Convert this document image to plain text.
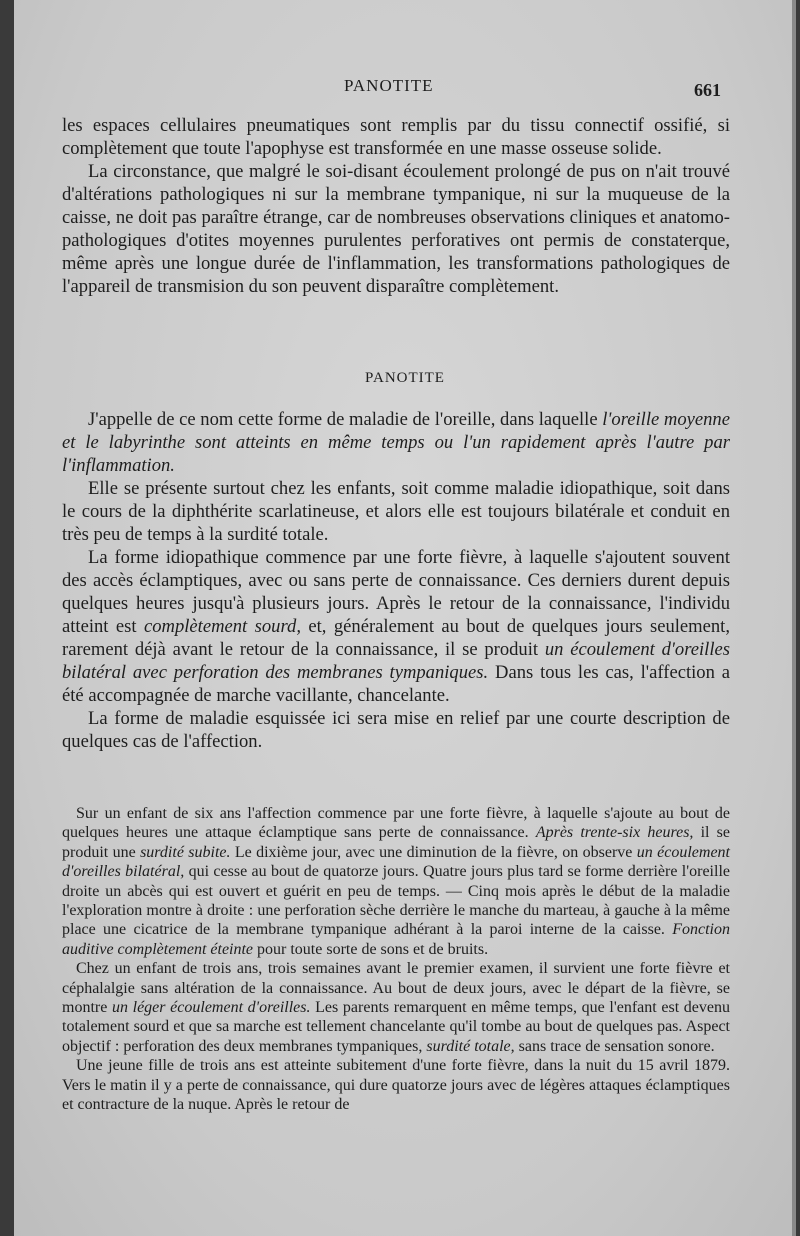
PANOTITE	661

les espaces cellulaires pneumatiques sont remplis par du tissu connectif ossifié, si complètement que toute l'apophyse est transformée en une masse osseuse solide.

La circonstance, que malgré le soi-disant écoulement prolongé de pus on n'ait trouvé d'altérations pathologiques ni sur la membrane tympanique, ni sur la muqueuse de la caisse, ne doit pas paraître étrange, car de nombreuses observations cliniques et anatomo-pathologiques d'otites moyennes purulentes perforatives ont permis de constaterque, même après une longue durée de l'inflammation, les transformations pathologiques de l'appareil de transmision du son peuvent disparaître complètement.

PANOTITE

J'appelle de ce nom cette forme de maladie de l'oreille, dans laquelle l'oreille moyenne et le labyrinthe sont atteints en même temps ou l'un rapidement après l'autre par l'inflammation.

Elle se présente surtout chez les enfants, soit comme maladie idiopathique, soit dans le cours de la diphthérite scarlatineuse, et alors elle est toujours bilatérale et conduit en très peu de temps à la surdité totale.

La forme idiopathique commence par une forte fièvre, à laquelle s'ajoutent souvent des accès éclamptiques, avec ou sans perte de connaissance. Ces derniers durent depuis quelques heures jusqu'à plusieurs jours. Après le retour de la connaissance, l'individu atteint est complètement sourd, et, généralement au bout de quelques jours seulement, rarement déjà avant le retour de la connaissance, il se produit un écoulement d'oreilles bilatéral avec perforation des membranes tympaniques. Dans tous les cas, l'affection a été accompagnée de marche vacillante, chancelante.

La forme de maladie esquissée ici sera mise en relief par une courte description de quelques cas de l'affection.

Sur un enfant de six ans l'affection commence par une forte fièvre, à laquelle s'ajoute au bout de quelques heures une attaque éclamptique sans perte de connaissance. Après trente-six heures, il se produit une surdité subite. Le dixième jour, avec une diminution de la fièvre, on observe un écoulement d'oreilles bilatéral, qui cesse au bout de quatorze jours. Quatre jours plus tard se forme derrière l'oreille droite un abcès qui est ouvert et guérit en peu de temps. — Cinq mois après le début de la maladie l'exploration montre à droite : une perforation sèche derrière le manche du marteau, à gauche à la même place une cicatrice de la membrane tympanique adhérant à la paroi interne de la caisse. Fonction auditive complètement éteinte pour toute sorte de sons et de bruits.

Chez un enfant de trois ans, trois semaines avant le premier examen, il survient une forte fièvre et céphalalgie sans altération de la connaissance. Au bout de deux jours, avec le départ de la fièvre, se montre un léger écoulement d'oreilles. Les parents remarquent en même temps, que l'enfant est devenu totalement sourd et que sa marche est tellement chancelante qu'il tombe au bout de quelques pas. Aspect objectif : perforation des deux membranes tympaniques, surdité totale, sans trace de sensation sonore.

Une jeune fille de trois ans est atteinte subitement d'une forte fièvre, dans la nuit du 15 avril 1879. Vers le matin il y a perte de connaissance, qui dure quatorze jours avec de légères attaques éclamptiques et contracture de la nuque. Après le retour de
